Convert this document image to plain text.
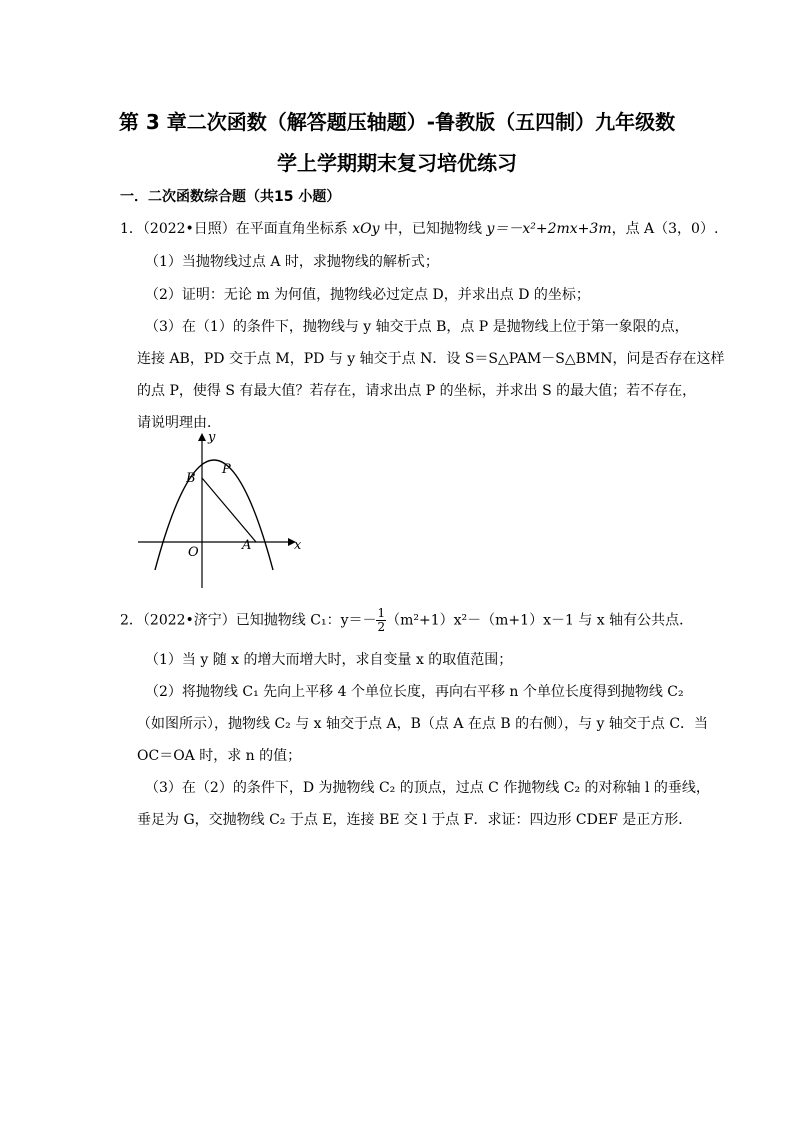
第 3 章二次函数（解答题压轴题）-鲁教版（五四制）九年级数
学上学期期末复习培优练习
一．二次函数综合题（共15 小题）
1．（2022•日照）在平面直角坐标系 xOy 中，已知抛物线 y＝－x²+2mx+3m，点 A（3，0）.
（1）当抛物线过点 A 时，求抛物线的解析式；
（2）证明：无论 m 为何值，抛物线必过定点 D，并求出点 D 的坐标；
（3）在（1）的条件下，抛物线与 y 轴交于点 B，点 P 是抛物线上位于第一象限的点，
连接 AB，PD 交于点 M，PD 与 y 轴交于点 N．设 S＝S△PAM－S△BMN，问是否存在这样
的点 P，使得 S 有最大值？若存在，请求出点 P 的坐标，并求出 S 的最大值；若不存在，
请说明理由．
y
x
B
P
O	A
2．（2022•济宁）已知抛物线 C₁：$y=- \frac{1}{2} (m^2+1)x^2-(m+1)x-1$ 与 x 轴有公共点．
（1）当 y 随 x 的增大而增大时，求自变量 x 的取值范围；
（2）将抛物线 C₁ 先向上平移 4 个单位长度，再向右平移 n 个单位长度得到抛物线 C₂
（如图所示），抛物线 C₂ 与 x 轴交于点 A，B（点 A 在点 B 的右侧），与 y 轴交于点 C．当
OC＝OA 时，求 n 的值；
（3）在（2）的条件下，D 为抛物线 C₂ 的顶点，过点 C 作抛物线 C₂ 的对称轴 l 的垂线，
垂足为 G，交抛物线 C₂ 于点 E，连接 BE 交 l 于点 F．求证：四边形 CDEF 是正方形．
